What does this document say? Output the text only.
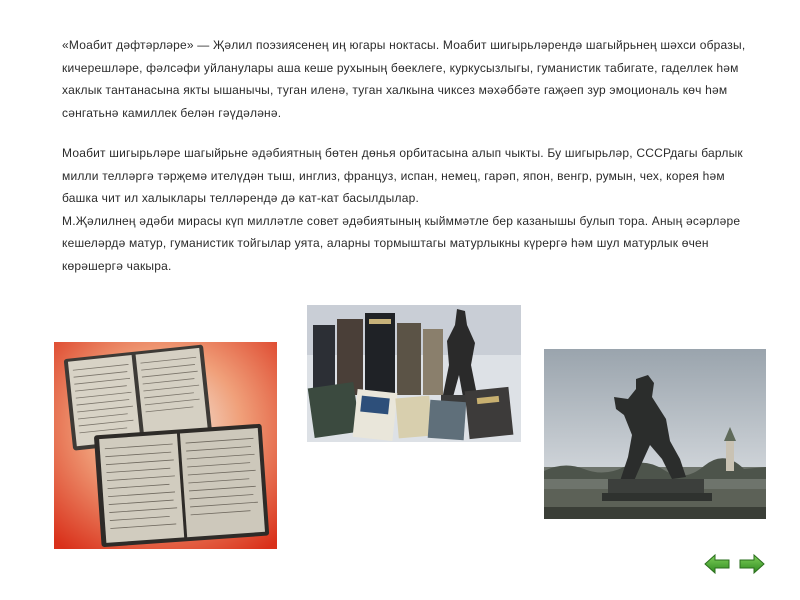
«Моабит дәфтәрләре» — Җәлил поэзиясенең иң югары ноктасы. Моабит шигырьләрендә шагыйрьнең шәхси образы, кичерешләре, фәлсәфи уйланулары аша кеше рухының бөеклеге, куркусызлыгы, гуманистик табигате, гаделлек һәм хаклык тантанасына якты ышанычы, туган иленә, туган халкына чиксез мәхәббәте гаҗәеп зур эмоциональ көч һәм сәнгатьнә камиллек белән гәүдәләнә.

Моабит шигырьләре шагыйрьне әдәбиятның бөтен дөнья орбитасына алып чыкты. Бу шигырьләр, СССРдагы барлык милли телләргә тәрҗемә ителүдән тыш, инглиз, француз, испан, немец, гарәп, япон, венгр, румын, чех, корея һәм башка чит ил халыклары телләрендә дә кат-кат басылдылар.

М.Җәлилнең әдәби мирасы күп милләтле совет әдәбиятының кыйммәтле бер казанышы булып тора. Аның әсәрләре кешеләрдә матур, гуманистик тойгылар уята, аларны тормыштагы матурлыкны күрергә һәм шул матурлык өчен көрәшергә чакыра.
